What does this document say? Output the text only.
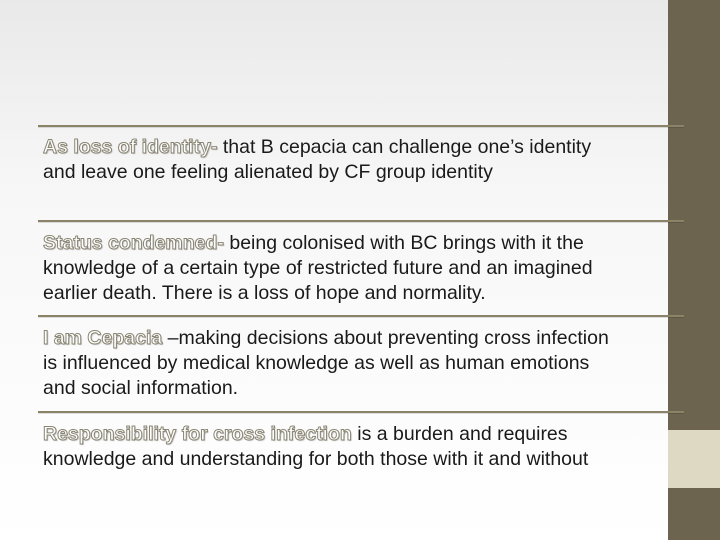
As loss of identity- that B cepacia can challenge one’s identity
and leave one feeling alienated by CF group identity
Status condemned- being colonised with BC brings with it the
knowledge of a certain type of restricted future and an imagined
earlier death. There is a loss of hope and normality.
I am Cepacia –making decisions about preventing cross infection
is influenced by medical knowledge as well as human emotions
and social information.
Responsibility for cross infection is a burden and requires
knowledge and understanding for both those with it and without
